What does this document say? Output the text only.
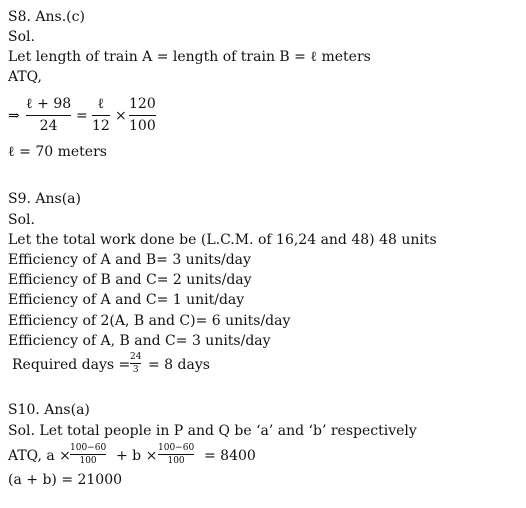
S8. Ans.(c)
Sol.
Let length of train A = length of train B = ℓ meters
ATQ,
⇒
ℓ + 98
24
=
ℓ
12
×
120
100
ℓ = 70 meters
S9. Ans(a)
Sol.
Let the total work done be (L.C.M. of 16,24 and 48) 48 units
Efficiency of A and B= 3 units/day
Efficiency of B and C= 2 units/day
Efficiency of A and C= 1 unit/day
Efficiency of 2(A, B and C)= 6 units/day
Efficiency of A, B and C= 3 units/day
Required days = 24
3 = 8 days
S10. Ans(a)
Sol. Let total people in P and Q be ‘a’ and ‘b’ respectively
ATQ, a × 100−60
100 + b × 100−60
100 = 8400
(a + b) = 21000
